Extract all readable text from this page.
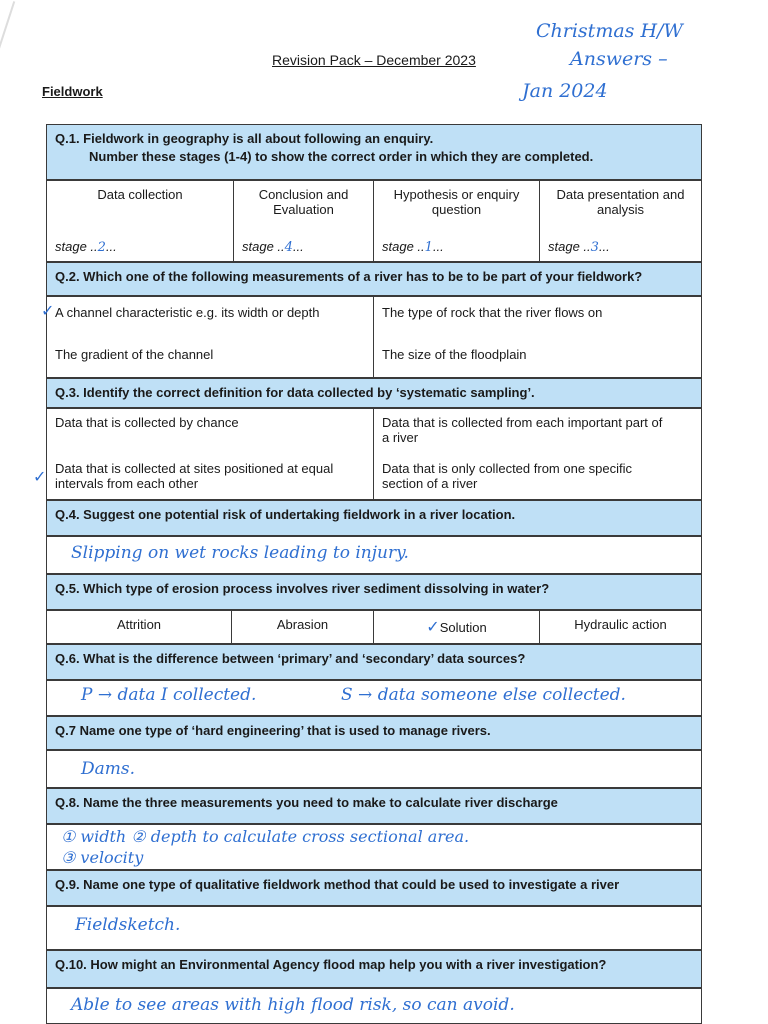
Revision Pack – December 2023
Fieldwork
Christmas H/W
Answers –
Jan 2024
Q.1. Fieldwork in geography is all about following an enquiry.
Number these stages (1-4) to show the correct order in which they are completed.
Data collection
stage ..2...
Conclusion and
Evaluation
stage ..4...
Hypothesis or enquiry
question
stage ..1...
Data presentation and
analysis
stage ..3...
Q.2. Which one of the following measurements of a river has to be to be part of your fieldwork?
✓ A channel characteristic e.g. its width or depth
The gradient of the channel
The type of rock that the river flows on
The size of the floodplain
Q.3. Identify the correct definition for data collected by ‘systematic sampling’.
Data that is collected by chance
✓
Data that is collected at sites positioned at equal
intervals from each other
Data that is collected from each important part of
a river
Data that is only collected from one specific
section of a river
Q.4. Suggest one potential risk of undertaking fieldwork in a river location.
Slipping on wet rocks leading to injury.
Q.5. Which type of erosion process involves river sediment dissolving in water?
Attrition	Abrasion	✓Solution	Hydraulic action
Q.6. What is the difference between ‘primary’ and ‘secondary’ data sources?
P → data I collected.	S → data someone else collected.
Q.7 Name one type of ‘hard engineering’ that is used to manage rivers.
Dams.
Q.8. Name the three measurements you need to make to calculate river discharge
① width ② depth to calculate cross sectional area.
③ velocity
Q.9. Name one type of qualitative fieldwork method that could be used to investigate a river
Fieldsketch.
Q.10. How might an Environmental Agency flood map help you with a river investigation?
Able to see areas with high flood risk, so can avoid.
